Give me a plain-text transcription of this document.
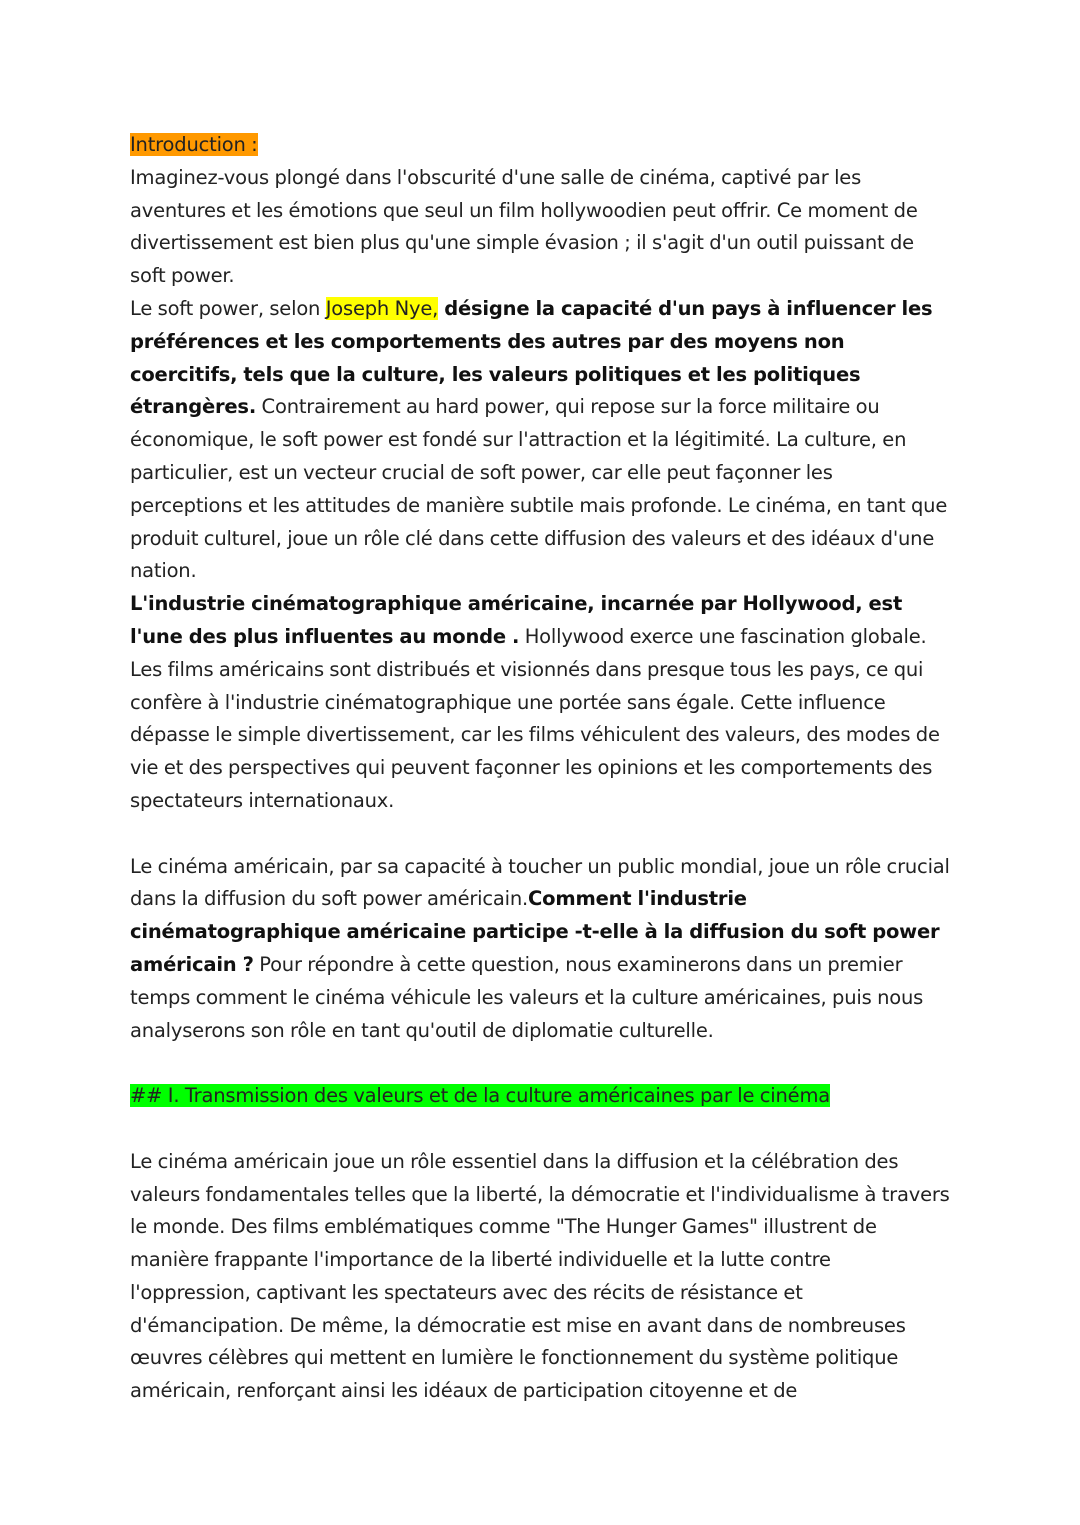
Introduction :

Imaginez-vous plongé dans l'obscurité d'une salle de cinéma, captivé par les aventures et les émotions que seul un film hollywoodien peut offrir. Ce moment de divertissement est bien plus qu'une simple évasion ; il s'agit d'un outil puissant de soft power.

Le soft power, selon Joseph Nye, désigne la capacité d'un pays à influencer les préférences et les comportements des autres par des moyens non coercitifs, tels que la culture, les valeurs politiques et les politiques étrangères. Contrairement au hard power, qui repose sur la force militaire ou économique, le soft power est fondé sur l'attraction et la légitimité. La culture, en particulier, est un vecteur crucial de soft power, car elle peut façonner les perceptions et les attitudes de manière subtile mais profonde. Le cinéma, en tant que produit culturel, joue un rôle clé dans cette diffusion des valeurs et des idéaux d'une nation.

L'industrie cinématographique américaine, incarnée par Hollywood, est l'une des plus influentes au monde . Hollywood exerce une fascination globale. Les films américains sont distribués et visionnés dans presque tous les pays, ce qui confère à l'industrie cinématographique une portée sans égale. Cette influence dépasse le simple divertissement, car les films véhiculent des valeurs, des modes de vie et des perspectives qui peuvent façonner les opinions et les comportements des spectateurs internationaux.

Le cinéma américain, par sa capacité à toucher un public mondial, joue un rôle crucial dans la diffusion du soft power américain.Comment l'industrie cinématographique américaine participe -t-elle à la diffusion du soft power américain ? Pour répondre à cette question, nous examinerons dans un premier temps comment le cinéma véhicule les valeurs et la culture américaines, puis nous analyserons son rôle en tant qu'outil de diplomatie culturelle.

## I. Transmission des valeurs et de la culture américaines par le cinéma

Le cinéma américain joue un rôle essentiel dans la diffusion et la célébration des valeurs fondamentales telles que la liberté, la démocratie et l'individualisme à travers le monde. Des films emblématiques comme "The Hunger Games" illustrent de manière frappante l'importance de la liberté individuelle et la lutte contre l'oppression, captivant les spectateurs avec des récits de résistance et d'émancipation. De même, la démocratie est mise en avant dans de nombreuses œuvres célèbres qui mettent en lumière le fonctionnement du système politique américain, renforçant ainsi les idéaux de participation citoyenne et de
